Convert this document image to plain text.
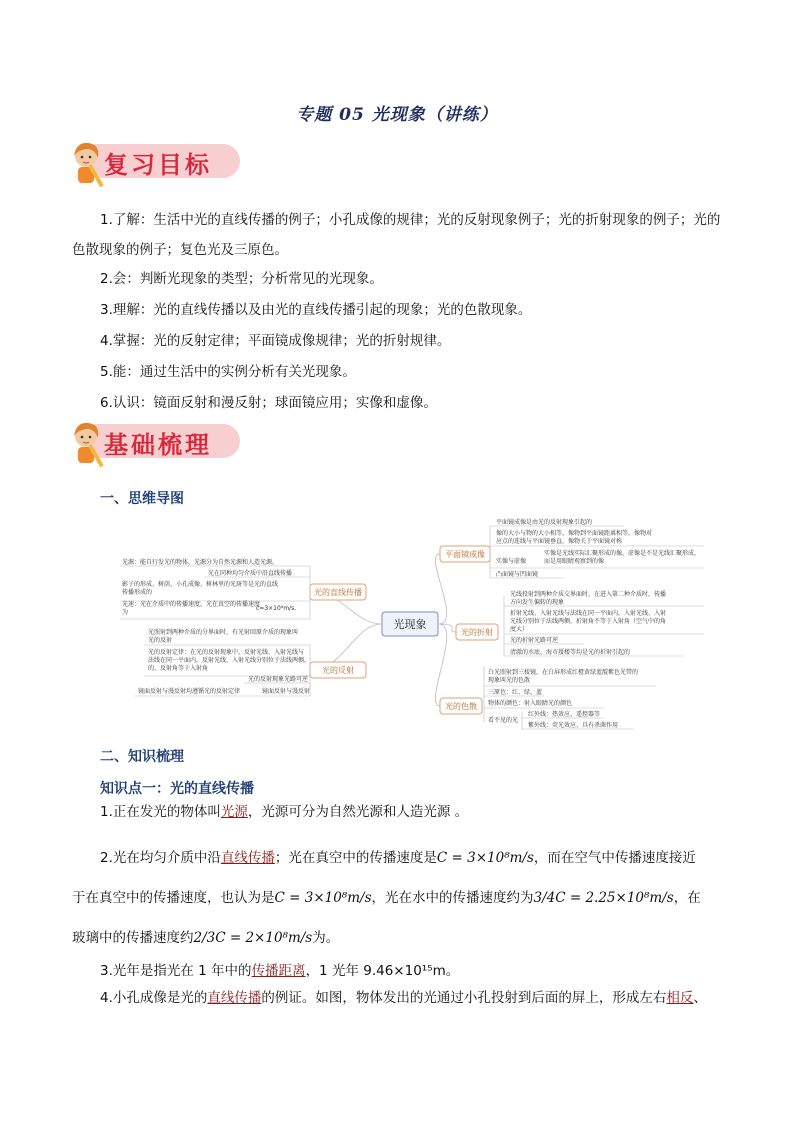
专题 05 光现象（讲练）
复习目标
1.了解：生活中光的直线传播的例子；小孔成像的规律；光的反射现象例子；光的折射现象的例子；光的色散现象的例子；复色光及三原色。
2.会：判断光现象的类型；分析常见的光现象。
3.理解：光的直线传播以及由光的直线传播引起的现象；光的色散现象。
4.掌握：光的反射定律；平面镜成像规律；光的折射规律。
5.能：通过生活中的实例分析有关光现象。
6.认识：镜面反射和漫反射；球面镜应用；实像和虚像。
基础梳理
一、思维导图
光现象
光的直线传播
光源：能自行发光的物体，光源分为自然光源和人造光源。
光在同种均匀介质中沿直线传播
影子的形成、树荫、小孔成像、树林里的光斑等是光的直线
传播形成的
光速：光在介质中的传播速度，光在真空的传播速度
为
c=3×10⁸m/s.
光的反射
光照射到两种介质的分界面时，有光射回原介质的现象叫
光的反射
光的反射定律：在光的反射现象中，反射光线、入射光线与
法线在同一平面内，反射光线、入射光线分别位于法线两侧，
的，反射角等于入射角
光的反射现象光路可逆
镜面反射与漫反射均遵循光的反射定律	镜面反射与漫反射
平面镜成像
平面镜成像是由光的反射现象引起的
像的大小与物的大小相等，像物到平面镜距离相等，像物对
应点的连线与平面镜垂直，像物关于平面镜对称
实像是光线实际汇聚形成的像，虚像是不是光线汇聚形成，
而是用眼睛观察到的像
实像与虚像
凸面镜与凹面镜
光的折射
光线投射到两种介质交界面时，在进入第二种介质时，传播
方向发生偏转的现象
折射光线、入射光线与法线在同一平面内，入射光线、入射
光线分别位于法线两侧，折射角不等于入射角（空气中的角
度大）
光的折射光路可逆
清澈的水底、海市蜃楼等均是光的折射引起的
光的色散
白光照射到三棱镜，在白屏形成红橙黄绿蓝靛紫色光带的
现象叫光的色散
三原色：红、绿、蓝
物体的颜色：射入眼睛光的颜色
红外线：热效应、遥控器等
紫外线：荧光效应、具有杀菌作用
看不见的光
二、知识梳理
知识点一：光的直线传播
1.正在发光的物体叫光源，光源可分为自然光源和人造光源 。
2.光在均匀介质中沿直线传播；光在真空中的传播速度是C = 3×10⁸m/s，而在空气中传播速度接近
于在真空中的传播速度，也认为是C = 3×10⁸m/s，光在水中的传播速度约为3/4C = 2.25×10⁸m/s，在
玻璃中的传播速度约2/3C = 2×10⁸m/s为。
3.光年是指光在 1 年中的传播距离，1 光年 9.46×10¹⁵m。
4.小孔成像是光的直线传播的例证。如图，物体发出的光通过小孔投射到后面的屏上，形成左右相反、
